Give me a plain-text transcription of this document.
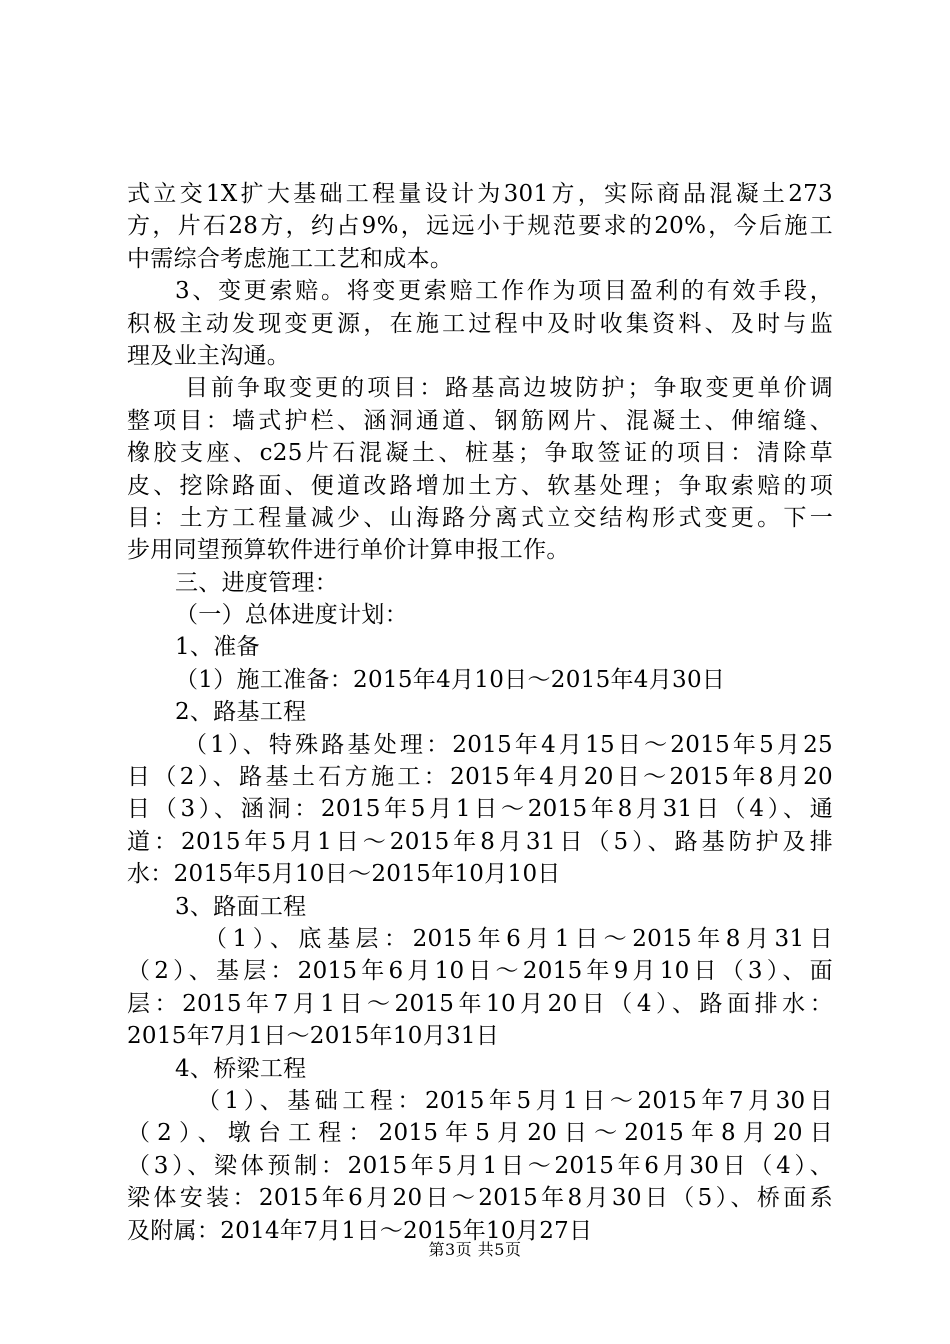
式立交1X扩大基础工程量设计为301方，实际商品混凝土273
方，片石28方，约占9%，远远小于规范要求的20%，今后施工
中需综合考虑施工工艺和成本。
3、变更索赔。将变更索赔工作作为项目盈利的有效手段，
积极主动发现变更源，在施工过程中及时收集资料、及时与监
理及业主沟通。
目前争取变更的项目：路基高边坡防护；争取变更单价调
整项目：墙式护栏、涵洞通道、钢筋网片、混凝土、伸缩缝、
橡胶支座、c25片石混凝土、桩基；争取签证的项目：清除草
皮、挖除路面、便道改路增加土方、软基处理；争取索赔的项
目：土方工程量减少、山海路分离式立交结构形式变更。下一
步用同望预算软件进行单价计算申报工作。
三、进度管理：
（一）总体进度计划：
1、准备
（1）施工准备：2015年4月10日～2015年4月30日
2、路基工程
（1）、特殊路基处理：2015年4月15日～2015年5月25
日（2）、路基土石方施工：2015年4月20日～2015年8月20
日（3）、涵洞：2015年5月1日～2015年8月31日（4）、通
道：2015年5月1日～2015年8月31日（5）、路基防护及排
水：2015年5月10日～2015年10月10日
3、路面工程
（1）、底基层：2015年6月1日～2015年8月31日
（2）、基层：2015年6月10日～2015年9月10日（3）、面
层：2015年7月1日～2015年10月20日（4）、路面排水：
2015年7月1日～2015年10月31日
4、桥梁工程
（1）、基础工程：2015年5月1日～2015年7月30日
（2）、墩台工程：2015年5月20日～2015年8月20日
（3）、梁体预制：2015年5月1日～2015年6月30日（4）、
梁体安装：2015年6月20日～2015年8月30日（5）、桥面系
及附属：2014年7月1日～2015年10月27日
第3页 共5页
